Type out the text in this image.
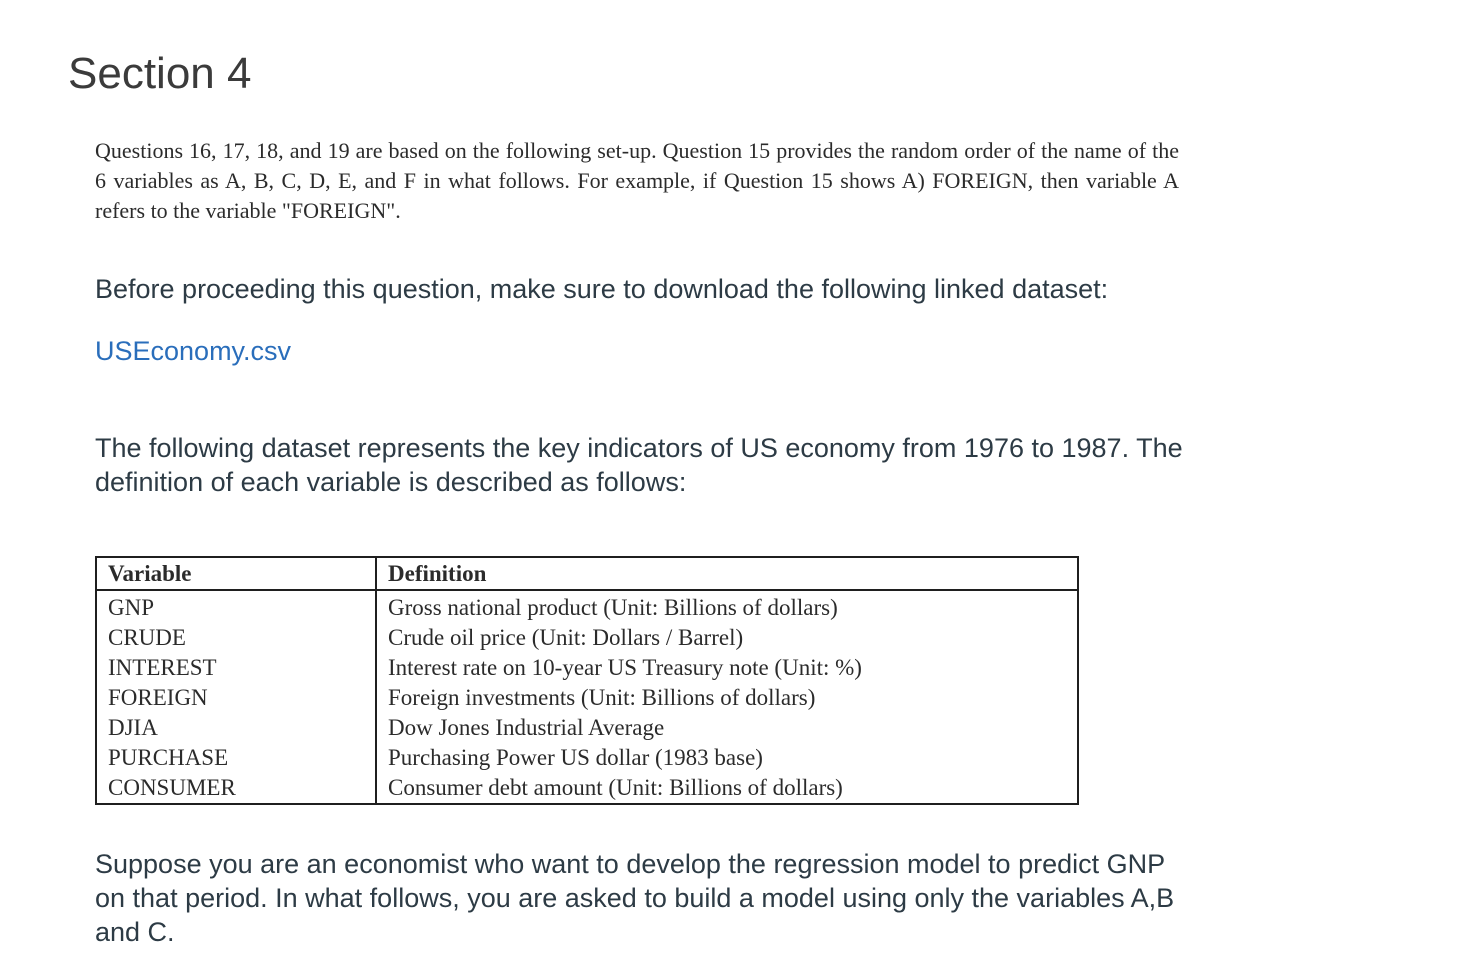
Section 4

Questions 16, 17, 18, and 19 are based on the following set-up. Question 15 provides the random order of the name of the 6 variables as A, B, C, D, E, and F in what follows. For example, if Question 15 shows A) FOREIGN, then variable A refers to the variable "FOREIGN".

Before proceeding this question, make sure to download the following linked dataset:

USEconomy.csv

The following dataset represents the key indicators of US economy from 1976 to 1987. The definition of each variable is described as follows:

Variable	Definition
GNP	Gross national product (Unit: Billions of dollars)
CRUDE	Crude oil price (Unit: Dollars / Barrel)
INTEREST	Interest rate on 10-year US Treasury note (Unit: %)
FOREIGN	Foreign investments (Unit: Billions of dollars)
DJIA	Dow Jones Industrial Average
PURCHASE	Purchasing Power US dollar (1983 base)
CONSUMER	Consumer debt amount (Unit: Billions of dollars)

Suppose you are an economist who want to develop the regression model to predict GNP on that period. In what follows, you are asked to build a model using only the variables A,B and C.
